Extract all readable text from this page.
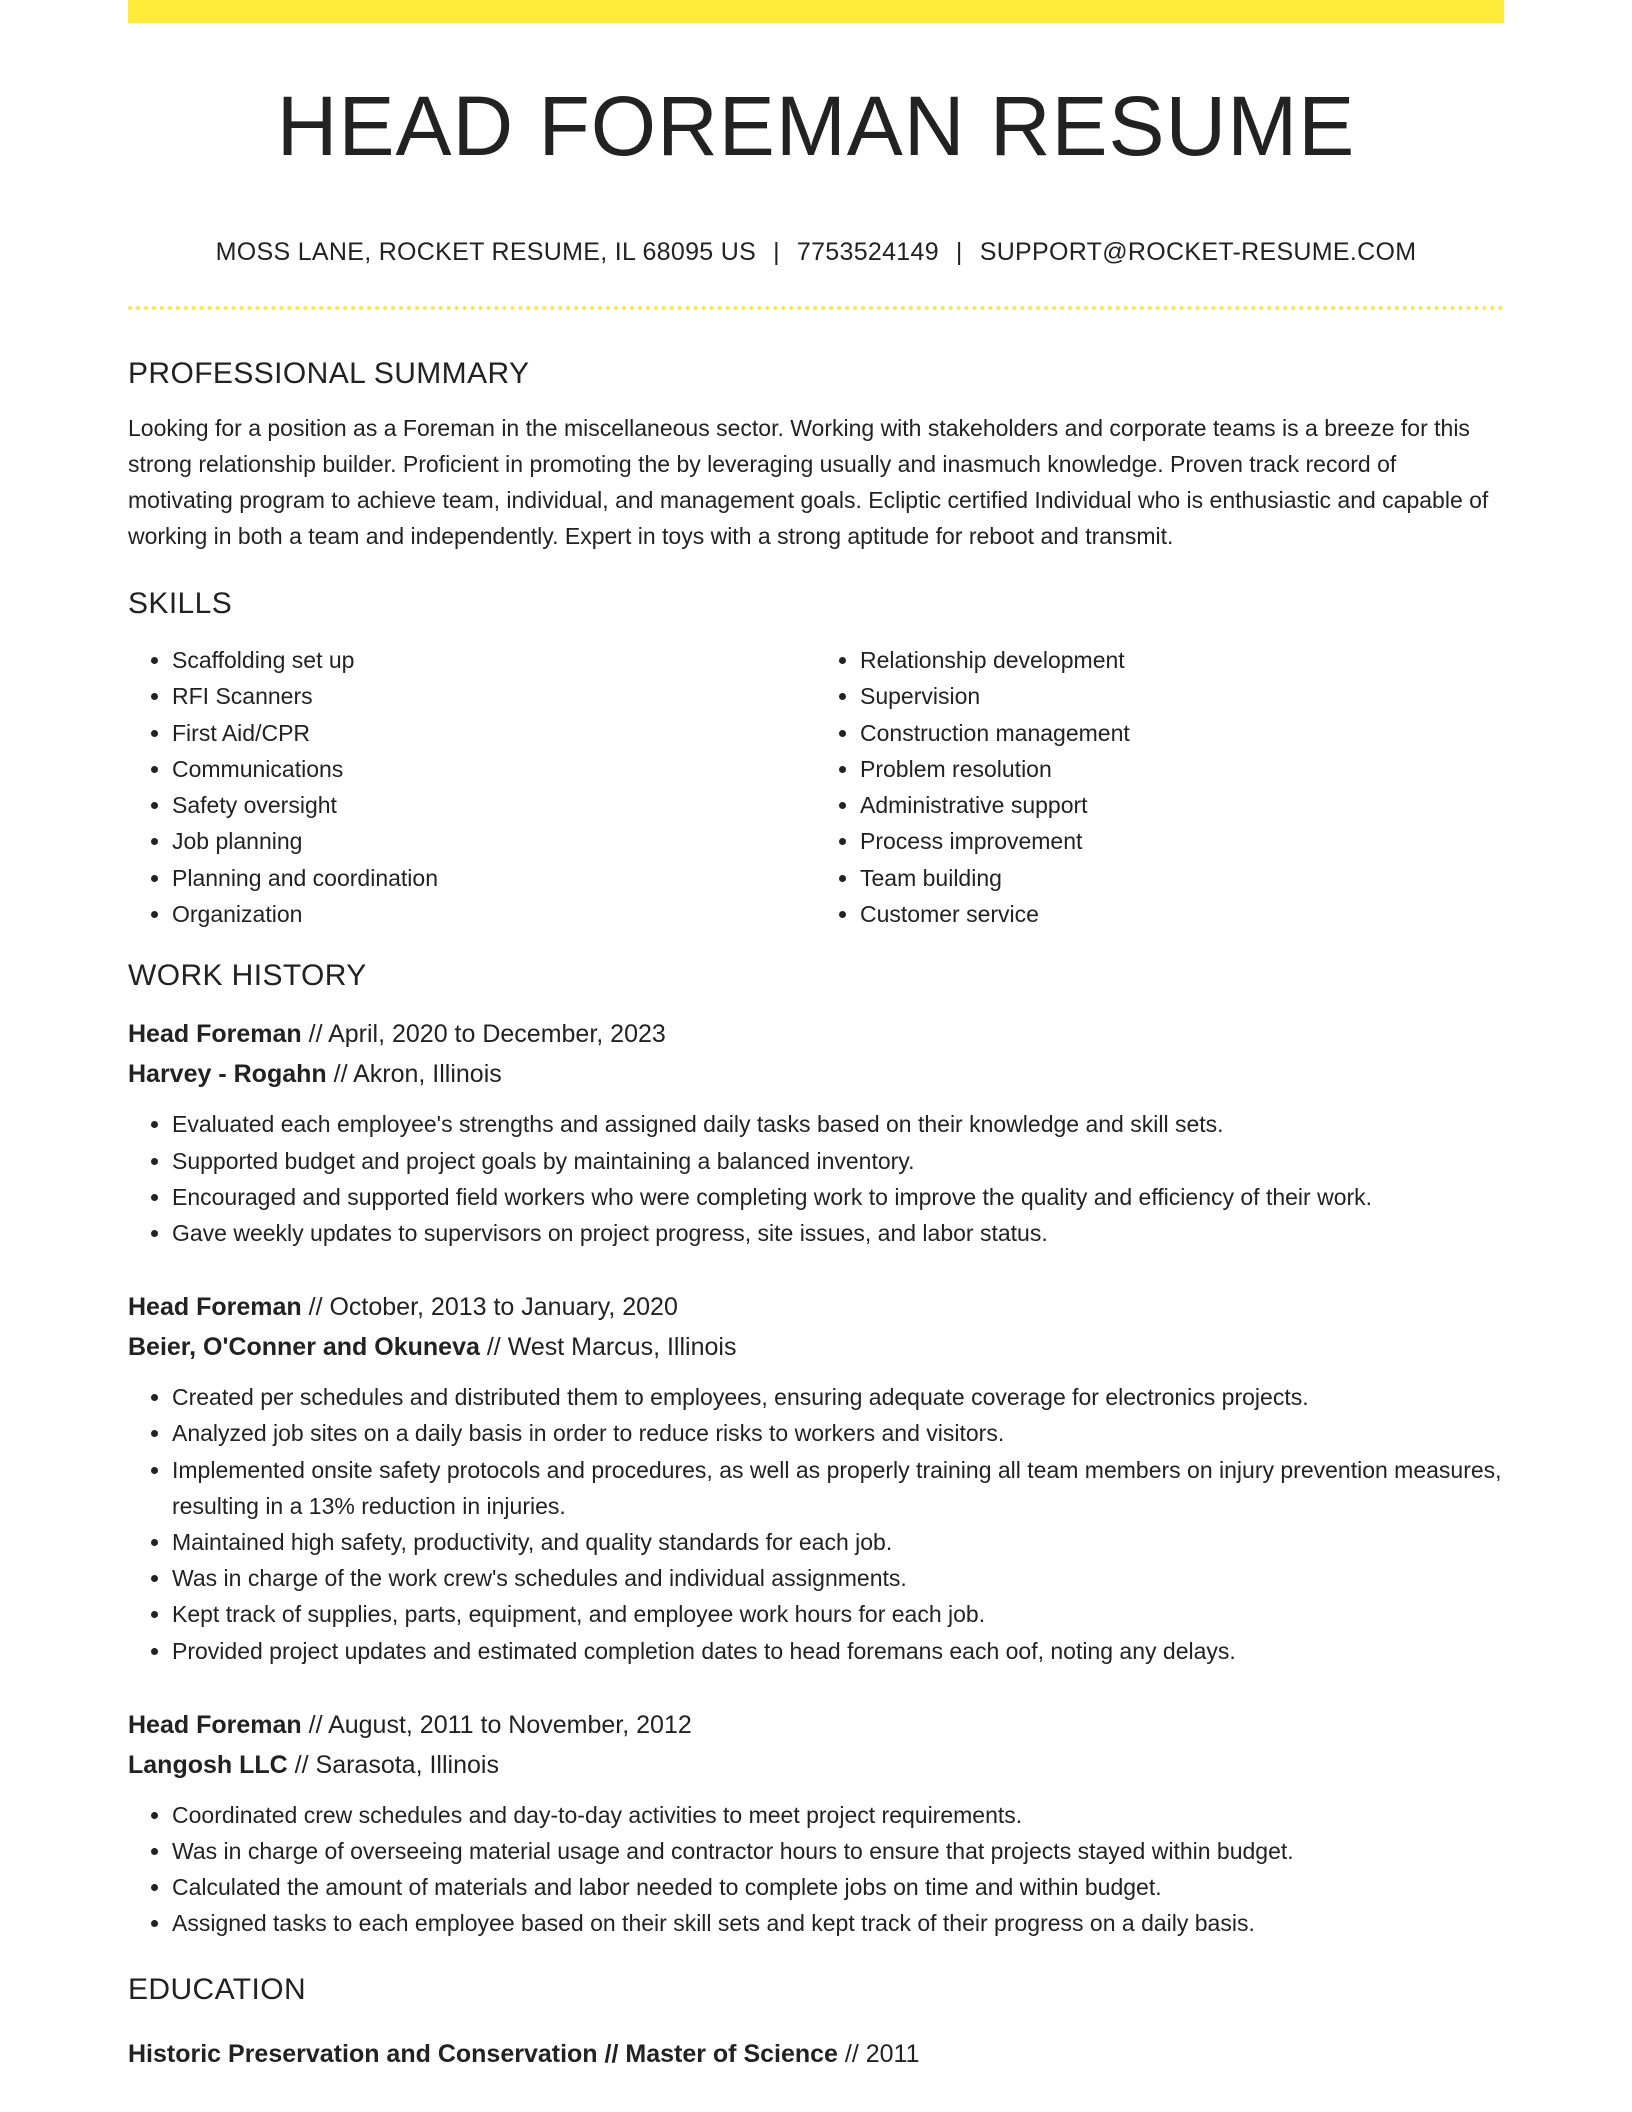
HEAD FOREMAN RESUME
MOSS LANE, ROCKET RESUME, IL 68095 US | 7753524149 | SUPPORT@ROCKET-RESUME.COM
PROFESSIONAL SUMMARY

Looking for a position as a Foreman in the miscellaneous sector. Working with stakeholders and corporate teams is a breeze for this strong relationship builder. Proficient in promoting the by leveraging usually and inasmuch knowledge. Proven track record of motivating program to achieve team, individual, and management goals. Ecliptic certified Individual who is enthusiastic and capable of working in both a team and independently. Expert in toys with a strong aptitude for reboot and transmit.

SKILLS
• Scaffolding set up
• RFI Scanners
• First Aid/CPR
• Communications
• Safety oversight
• Job planning
• Planning and coordination
• Organization
• Relationship development
• Supervision
• Construction management
• Problem resolution
• Administrative support
• Process improvement
• Team building
• Customer service
WORK HISTORY
Head Foreman // April, 2020 to December, 2023
Harvey - Rogahn // Akron, Illinois
• Evaluated each employee's strengths and assigned daily tasks based on their knowledge and skill sets.
• Supported budget and project goals by maintaining a balanced inventory.
• Encouraged and supported field workers who were completing work to improve the quality and efficiency of their work.
• Gave weekly updates to supervisors on project progress, site issues, and labor status.
Head Foreman // October, 2013 to January, 2020
Beier, O'Conner and Okuneva // West Marcus, Illinois
• Created per schedules and distributed them to employees, ensuring adequate coverage for electronics projects.
• Analyzed job sites on a daily basis in order to reduce risks to workers and visitors.
• Implemented onsite safety protocols and procedures, as well as properly training all team members on injury prevention measures, resulting in a 13% reduction in injuries.
• Maintained high safety, productivity, and quality standards for each job.
• Was in charge of the work crew's schedules and individual assignments.
• Kept track of supplies, parts, equipment, and employee work hours for each job.
• Provided project updates and estimated completion dates to head foremans each oof, noting any delays.
Head Foreman // August, 2011 to November, 2012
Langosh LLC // Sarasota, Illinois
• Coordinated crew schedules and day-to-day activities to meet project requirements.
• Was in charge of overseeing material usage and contractor hours to ensure that projects stayed within budget.
• Calculated the amount of materials and labor needed to complete jobs on time and within budget.
• Assigned tasks to each employee based on their skill sets and kept track of their progress on a daily basis.
EDUCATION
Historic Preservation and Conservation // Master of Science // 2011
